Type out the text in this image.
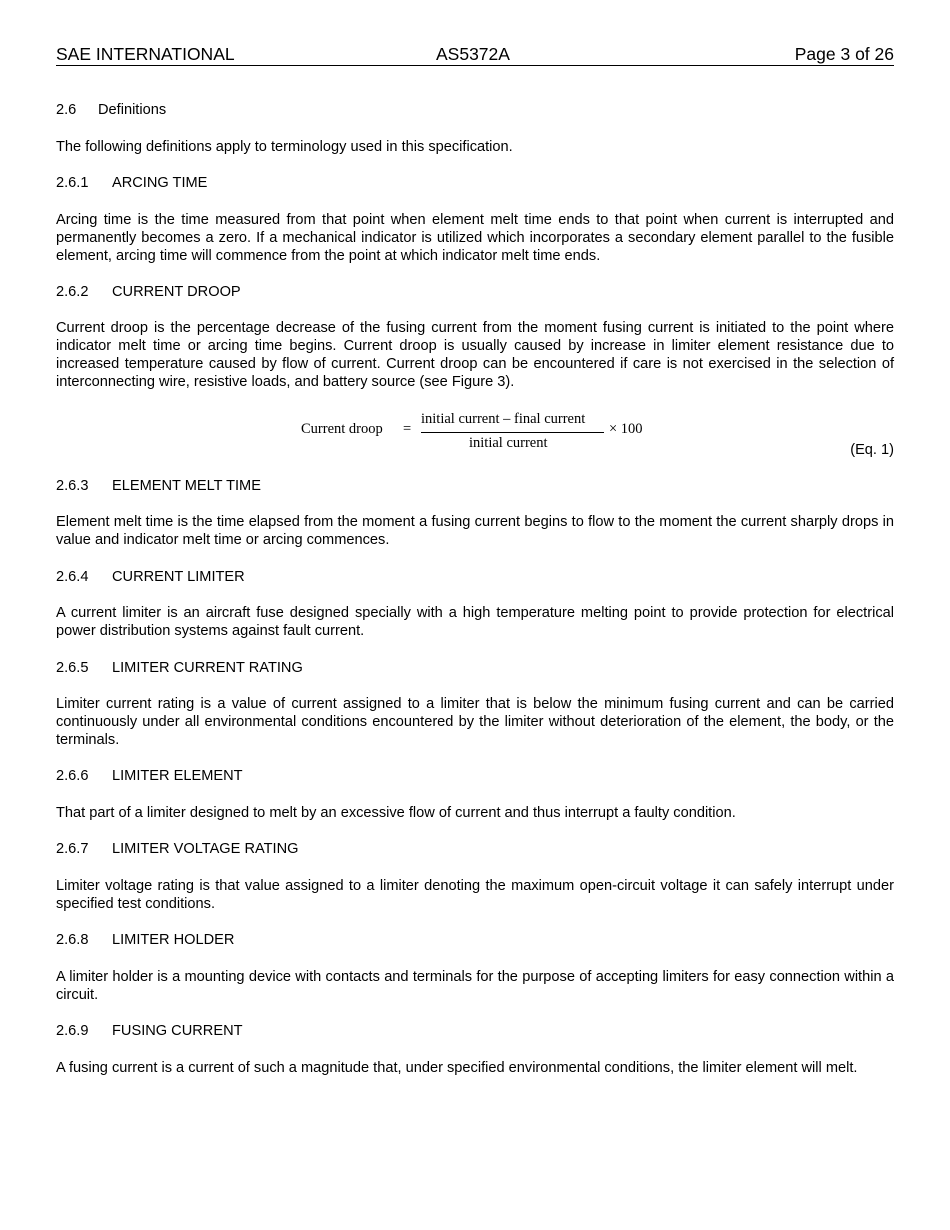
SAE INTERNATIONAL	AS5372A	Page 3 of 26
2.6 Definitions
The following definitions apply to terminology used in this specification.
2.6.1 ARCING TIME
Arcing time is the time measured from that point when element melt time ends to that point when current is interrupted and permanently becomes a zero. If a mechanical indicator is utilized which incorporates a secondary element parallel to the fusible element, arcing time will commence from the point at which indicator melt time ends.
2.6.2 CURRENT DROOP
Current droop is the percentage decrease of the fusing current from the moment fusing current is initiated to the point where indicator melt time or arcing time begins. Current droop is usually caused by increase in limiter element resistance due to increased temperature caused by flow of current. Current droop can be encountered if care is not exercised in the selection of interconnecting wire, resistive loads, and battery source (see Figure 3).
Current droop =
initial current – final current
initial current
× 100
(Eq. 1)
2.6.3 ELEMENT MELT TIME
Element melt time is the time elapsed from the moment a fusing current begins to flow to the moment the current sharply drops in value and indicator melt time or arcing commences.
2.6.4 CURRENT LIMITER
A current limiter is an aircraft fuse designed specially with a high temperature melting point to provide protection for electrical power distribution systems against fault current.
2.6.5 LIMITER CURRENT RATING
Limiter current rating is a value of current assigned to a limiter that is below the minimum fusing current and can be carried continuously under all environmental conditions encountered by the limiter without deterioration of the element, the body, or the terminals.
2.6.6 LIMITER ELEMENT
That part of a limiter designed to melt by an excessive flow of current and thus interrupt a faulty condition.
2.6.7 LIMITER VOLTAGE RATING
Limiter voltage rating is that value assigned to a limiter denoting the maximum open-circuit voltage it can safely interrupt under specified test conditions.
2.6.8 LIMITER HOLDER
A limiter holder is a mounting device with contacts and terminals for the purpose of accepting limiters for easy connection within a circuit.
2.6.9 FUSING CURRENT
A fusing current is a current of such a magnitude that, under specified environmental conditions, the limiter element will melt.
